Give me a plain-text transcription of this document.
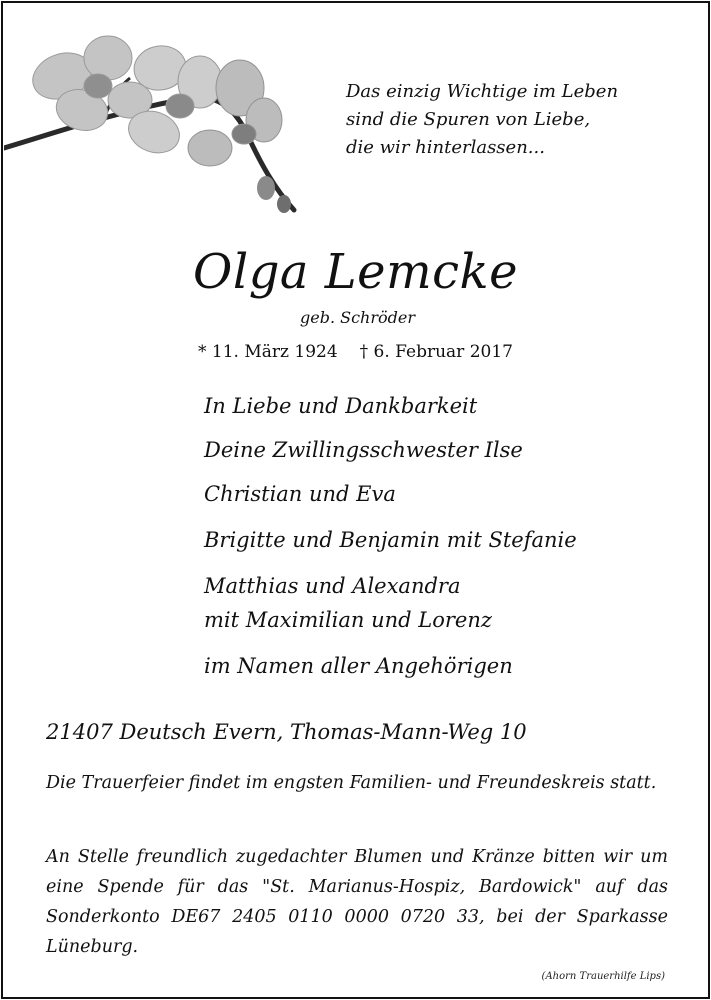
Das einzig Wichtige im Leben
sind die Spuren von Liebe,
die wir hinterlassen...
Olga Lemcke
geb. Schröder
* 11. März 1924 † 6. Februar 2017
In Liebe und Dankbarkeit
Deine Zwillingsschwester Ilse
Christian und Eva
Brigitte und Benjamin mit Stefanie
Matthias und Alexandra
mit Maximilian und Lorenz
im Namen aller Angehörigen
21407 Deutsch Evern, Thomas-Mann-Weg 10
Die Trauerfeier findet im engsten Familien- und Freundeskreis statt.
An Stelle freundlich zugedachter Blumen und Kränze bitten wir um eine Spende für das "St. Marianus-Hospiz, Bardowick" auf das Sonderkonto DE67 2405 0110 0000 0720 33, bei der Sparkasse Lüneburg.
(Ahorn Trauerhilfe Lips)
